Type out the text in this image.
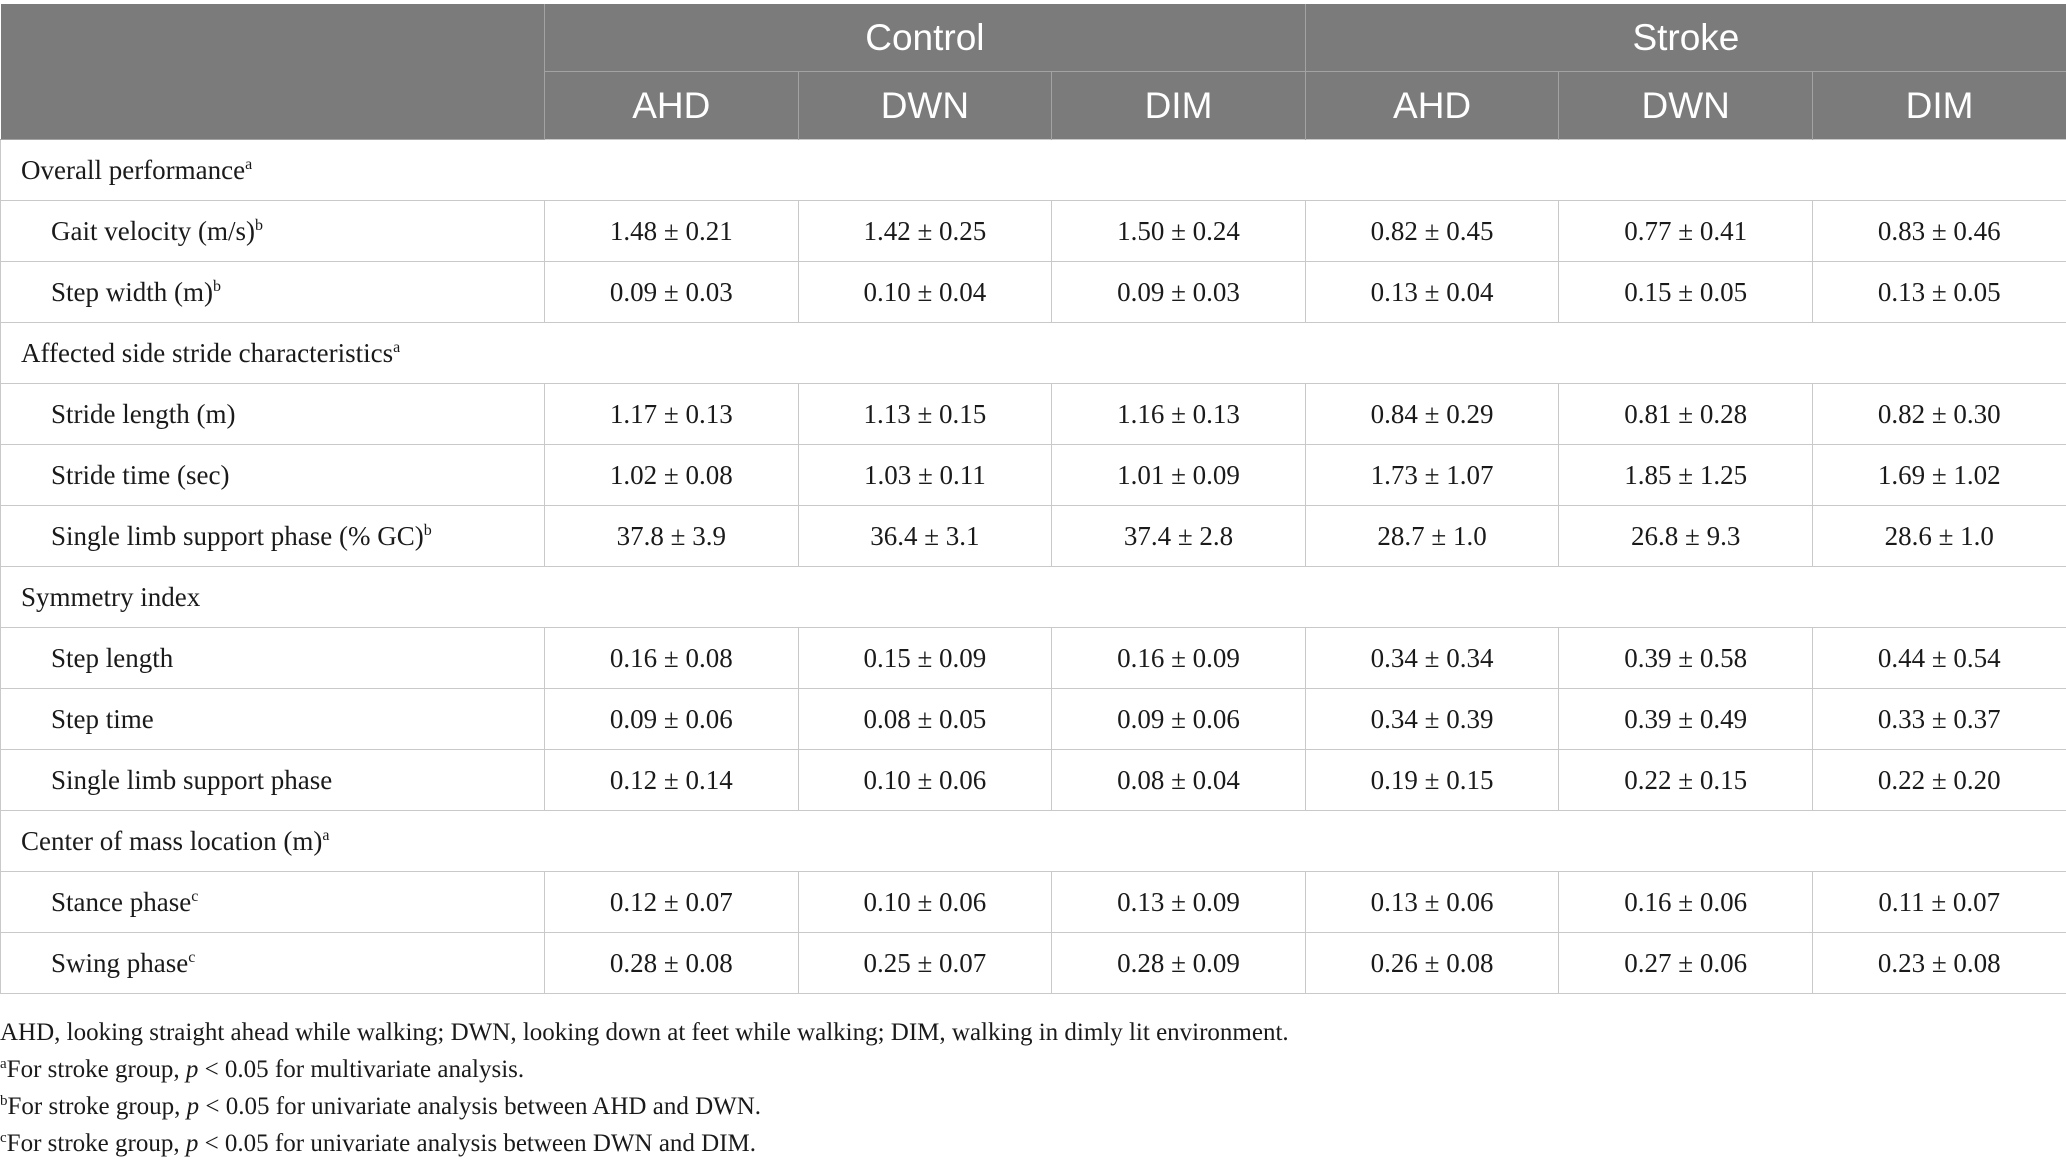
	Control			Stroke		
	AHD	DWN	DIM	AHD	DWN	DIM
Overall performance$^a$
Gait velocity $(m/s)^b$	1.48 ± 0.21	1.42 ± 0.25	1.50 ± 0.24	0.82 ± 0.45	0.77 ± 0.41	0.83 ± 0.46
Step width $(m)^b$	0.09 ± 0.03	0.10 ± 0.04	0.09 ± 0.03	0.13 ± 0.04	0.15 ± 0.05	0.13 ± 0.05
Affected side stride characteristics$^a$
Stride length (m)	1.17 ± 0.13	1.13 ± 0.15	1.16 ± 0.13	0.84 ± 0.29	0.81 ± 0.28	0.82 ± 0.30
Stride time (sec)	1.02 ± 0.08	1.03 ± 0.11	1.01 ± 0.09	1.73 ± 1.07	1.85 ± 1.25	1.69 ± 1.02
Single limb support phase (% GC)$^b$	37.8 ± 3.9	36.4 ± 3.1	37.4 ± 2.8	28.7 ± 1.0	26.8 ± 9.3	28.6 ± 1.0
Symmetry index						
Step length	0.16 ± 0.08	0.15 ± 0.09	0.16 ± 0.09	0.34 ± 0.34	0.39 ± 0.58	0.44 ± 0.54
Step time	0.09 ± 0.06	0.08 ± 0.05	0.09 ± 0.06	0.34 ± 0.39	0.39 ± 0.49	0.33 ± 0.37
Single limb support phase	0.12 ± 0.14	0.10 ± 0.06	0.08 ± 0.04	0.19 ± 0.15	0.22 ± 0.15	0.22 ± 0.20
Center of mass location $(m)^a$
Stance phase$^c$	0.12 ± 0.07	0.10 ± 0.06	0.13 ± 0.09	0.13 ± 0.06	0.16 ± 0.06	0.11 ± 0.07
Swing phase$^c$	0.28 ± 0.08	0.25 ± 0.07	0.28 ± 0.09	0.26 ± 0.08	0.27 ± 0.06	0.23 ± 0.08
AHD, looking straight ahead while walking; DWN, looking down at feet while walking; DIM, walking in dimly lit environment.
$^a$For stroke group, p < 0.05 for multivariate analysis.
$^b$For stroke group, p < 0.05 for univariate analysis between AHD and DWN.
$^c$For stroke group, p < 0.05 for univariate analysis between DWN and DIM.
